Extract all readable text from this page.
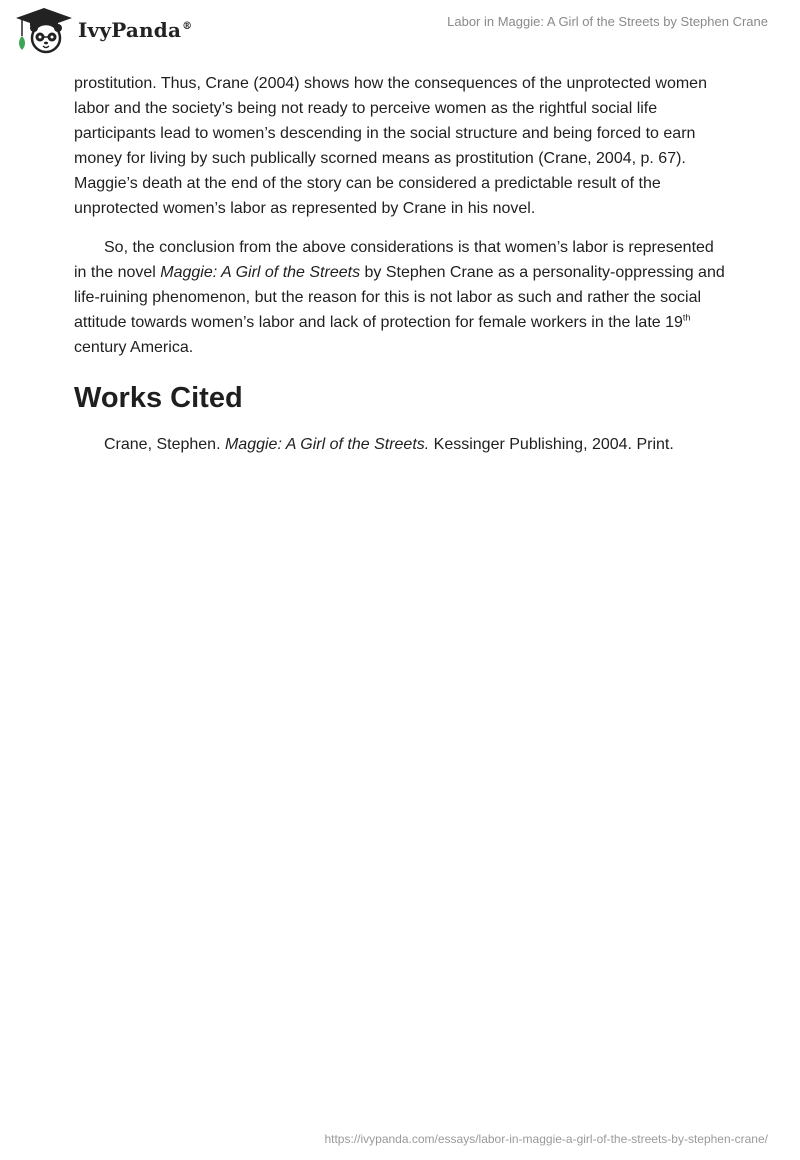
IvyPanda®	Labor in Maggie: A Girl of the Streets by Stephen Crane

prostitution. Thus, Crane (2004) shows how the consequences of the unprotected women labor and the society’s being not ready to perceive women as the rightful social life participants lead to women’s descending in the social structure and being forced to earn money for living by such publically scorned means as prostitution (Crane, 2004, p. 67). Maggie’s death at the end of the story can be considered a predictable result of the unprotected women’s labor as represented by Crane in his novel.

So, the conclusion from the above considerations is that women’s labor is represented in the novel Maggie: A Girl of the Streets by Stephen Crane as a personality-oppressing and life-ruining phenomenon, but the reason for this is not labor as such and rather the social attitude towards women’s labor and lack of protection for female workers in the late 19th century America.

Works Cited

Crane, Stephen. Maggie: A Girl of the Streets. Kessinger Publishing, 2004. Print.

https://ivypanda.com/essays/labor-in-maggie-a-girl-of-the-streets-by-stephen-crane/
